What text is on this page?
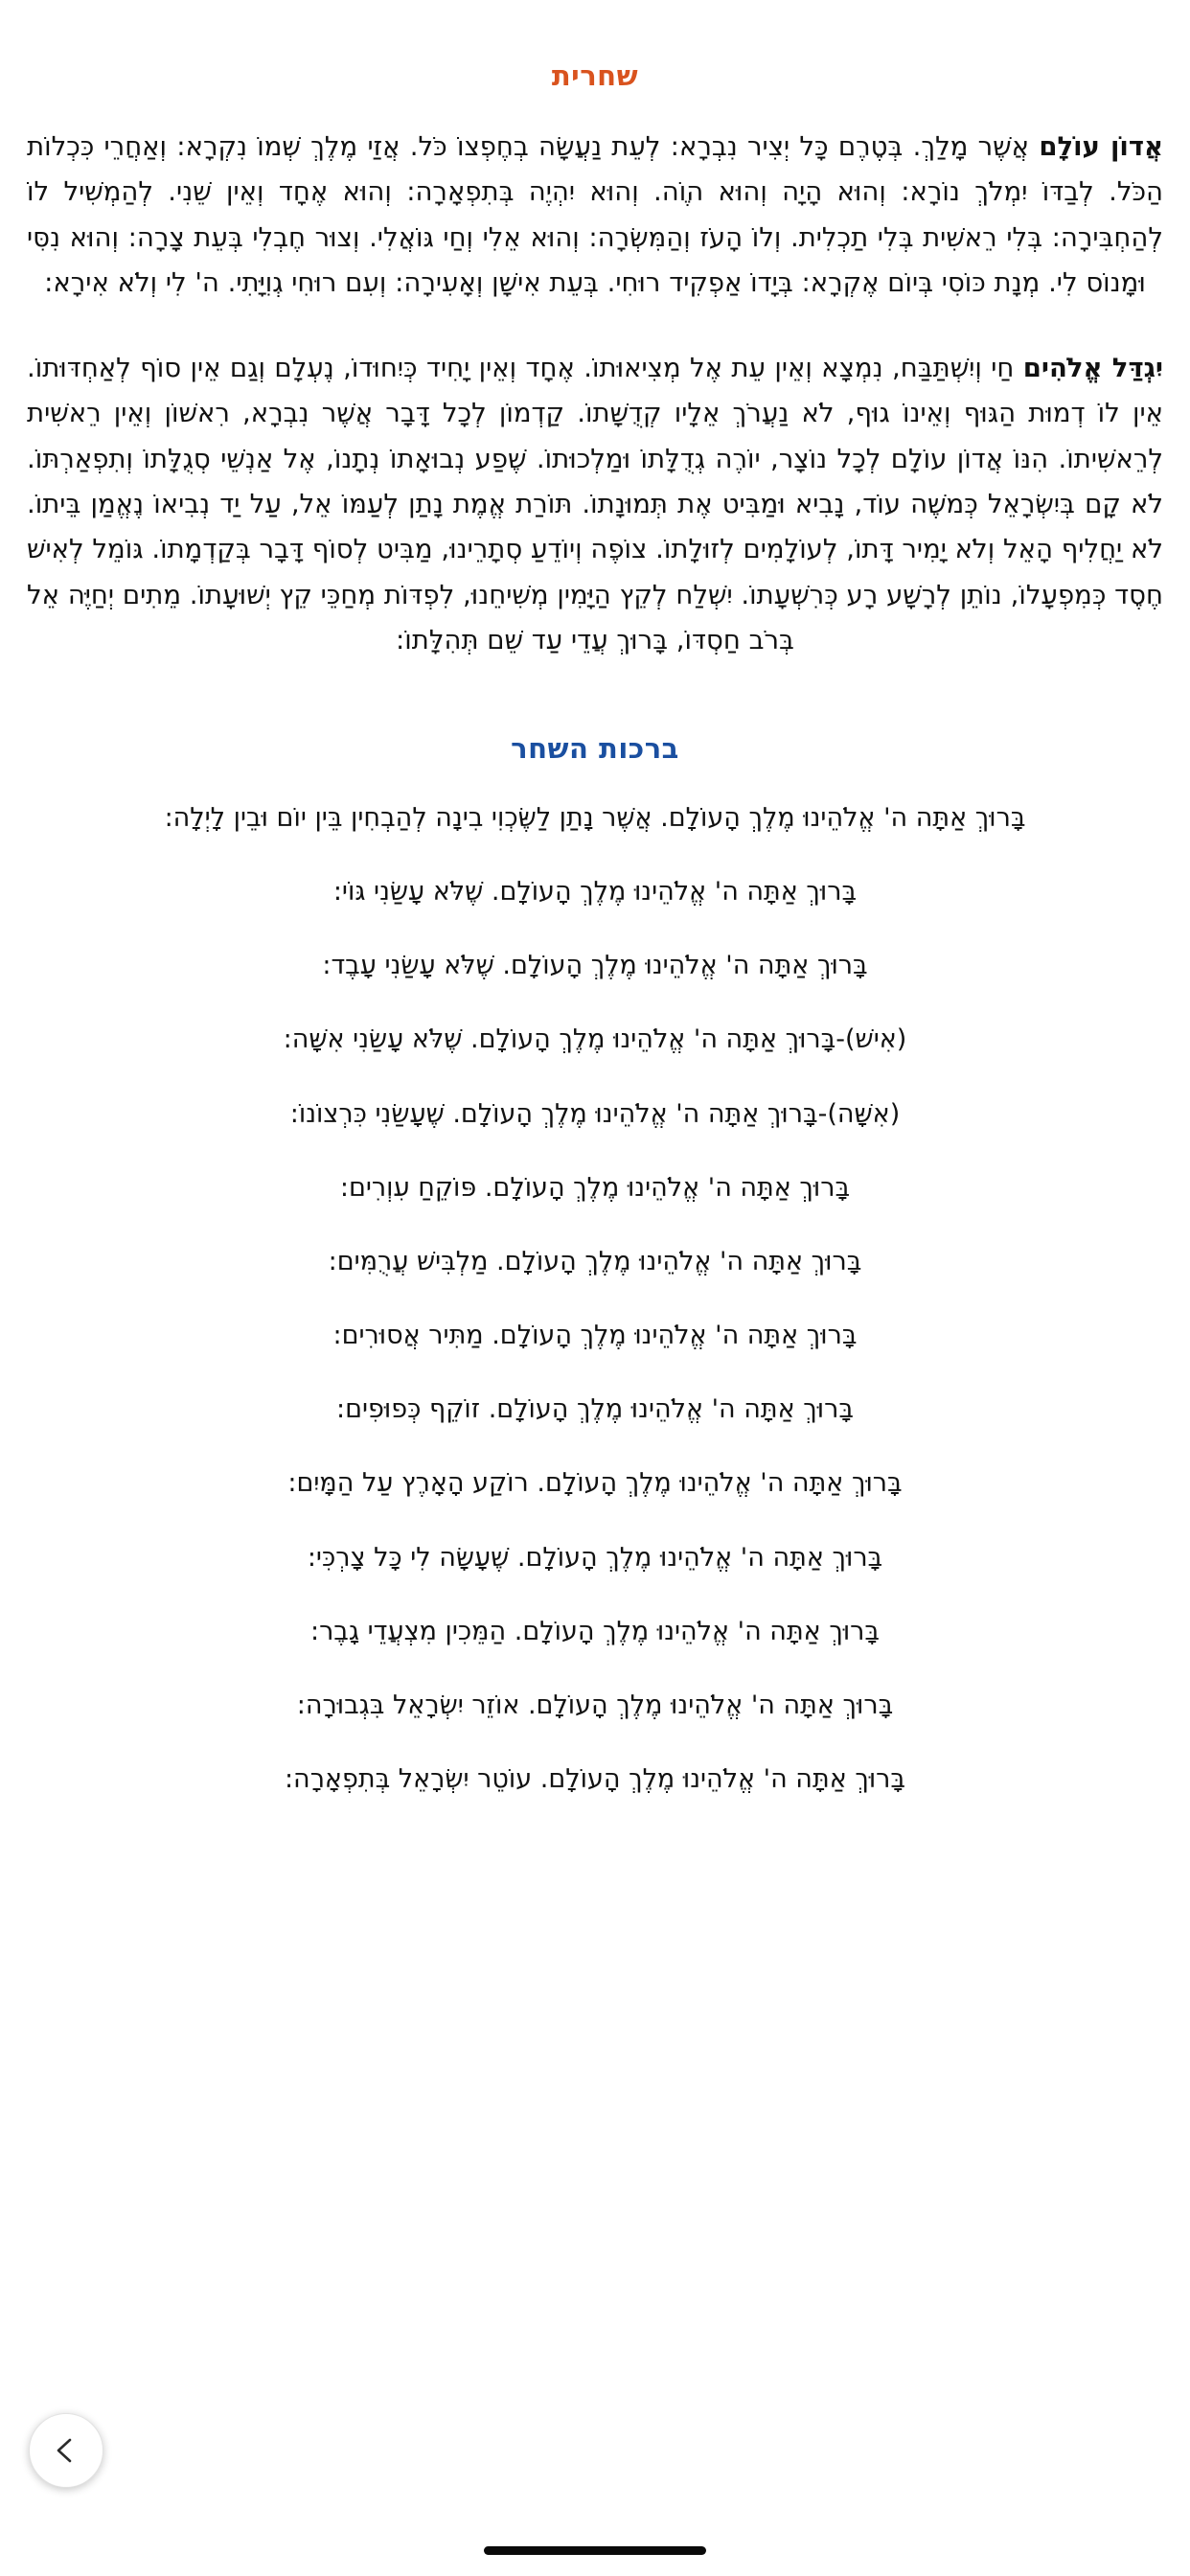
שחרית

אֲדוֹן עוֹלָם אֲשֶׁר מָלַךְ. בְּטֶרֶם כָּל יְצִיר נִבְרָא: לְעֵת נַעֲשָׂה בְחֶפְצוֹ כֹּל. אֲזַי מֶלֶךְ שְׁמוֹ נִקְרָא: וְאַחֲרֵי כִּכְלוֹת הַכֹּל. לְבַדּוֹ יִמְלֹךְ נוֹרָא: וְהוּא הָיָה וְהוּא הוֶֹה. וְהוּא יִהְיֶה בְּתִפְאָרָה: וְהוּא אֶחָד וְאֵין שֵׁנִי. לְהַמְשִׁיל לוֹ לְהַחְבִּירָה: בְּלִי רֵאשִׁית בְּלִי תַכְלִית. וְלוֹ הָעֹז וְהַמִּשְׂרָה: וְהוּא אֵלִי וְחַי גּוֹאֲלִי. וְצוּר חֶבְלִי בְּעֵת צָרָה: וְהוּא נִסִּי וּמָנוֹס לִי. מְנָת כּוֹסִי בְּיוֹם אֶקְרָא: בְּיָדוֹ אַפְקִיד רוּחִי. בְּעֵת אִישָׁן וְאָעִירָה: וְעִם רוּחִי גְוִיָּתִי. ה' לִי וְלֹא אִירָא:

יִגְדַּל אֱלֹהִים חַי וְיִשְׁתַּבַּח, נִמְצָא וְאֵין עֵת אֶל מְצִיאוּתוֹ. אֶחָד וְאֵין יָחִיד כְּיִחוּדוֹ, נֶעְלָם וְגַם אֵין סוֹף לְאַחְדּוּתוֹ. אֵין לוֹ דְמוּת הַגּוּף וְאֵינוֹ גוּף, לֹא נַעֲרֹךְ אֵלָיו קְדֻשָּׁתוֹ. קַדְמוֹן לְכָל דָּבָר אֲשֶׁר נִבְרָא, רִאשׁוֹן וְאֵין רֵאשִׁית לְרֵאשִׁיתוֹ. הִנּוֹ אֲדוֹן עוֹלָם לְכָל נוֹצָר, יוֹרֶה גְדֻלָּתוֹ וּמַלְכוּתוֹ. שֶׁפַע נְבוּאָתוֹ נְתָנוֹ, אֶל אַנְשֵׁי סְגֻלָּתוֹ וְתִפְאַרְתּוֹ. לֹא קָם בְּיִשְׂרָאֵל כְּמשֶׁה עוֹד, נָבִיא וּמַבִּיט אֶת תְּמוּנָתוֹ. תּוֹרַת אֱמֶת נָתַן לְעַמּוֹ אֵל, עַל יַד נְבִיאוֹ נֶאֱמַן בֵּיתוֹ. לֹא יַחֲלִיף הָאֵל וְלֹא יָמִיר דָּתוֹ, לְעוֹלָמִים לְזוּלָתוֹ. צוֹפֶה וְיוֹדֵעַ סְתָרֵינוּ, מַבִּיט לְסוֹף דָּבָר בְּקַדְמָתוֹ. גּוֹמֵל לְאִישׁ חֶסֶד כְּמִפְעָלוֹ, נוֹתֵן לְרָשָׁע רָע כְּרִשְׁעָתוֹ. יִשְׁלַח לְקֵץ הַיָּמִין מְשִׁיחֵנוּ, לִפְדּוֹת מְחַכֵּי קֵץ יְשׁוּעָתוֹ. מֵתִים יְחַיֶּה אֵל בְּרֹב חַסְדּוֹ, בָּרוּךְ עֲדֵי עַד שֵׁם תְּהִלָּתוֹ:

ברכות השחר

בָּרוּךְ אַתָּה ה' אֱלֹהֵינוּ מֶלֶךְ הָעוֹלָם. אֲשֶׁר נָתַן לַשֶּׂכְוִי בִינָה לְהַבְחִין בֵּין יוֹם וּבֵין לָיְלָה:

בָּרוּךְ אַתָּה ה' אֱלֹהֵינוּ מֶלֶךְ הָעוֹלָם. שֶׁלֹּא עָשַׂנִי גּוֹי:

בָּרוּךְ אַתָּה ה' אֱלֹהֵינוּ מֶלֶךְ הָעוֹלָם. שֶׁלֹּא עָשַׂנִי עָבֶד:

(אִישׁ)-בָּרוּךְ אַתָּה ה' אֱלֹהֵינוּ מֶלֶךְ הָעוֹלָם. שֶׁלֹּא עָשַׂנִי אִשָּׁה:

(אִשָּׁה)-בָּרוּךְ אַתָּה ה' אֱלֹהֵינוּ מֶלֶךְ הָעוֹלָם. שֶׁעָשַׂנִי כִּרְצוֹנוֹ:

בָּרוּךְ אַתָּה ה' אֱלֹהֵינוּ מֶלֶךְ הָעוֹלָם. פּוֹקֵחַ עִוְרִים:

בָּרוּךְ אַתָּה ה' אֱלֹהֵינוּ מֶלֶךְ הָעוֹלָם. מַלְבִּישׁ עֲרֻמִּים:

בָּרוּךְ אַתָּה ה' אֱלֹהֵינוּ מֶלֶךְ הָעוֹלָם. מַתִּיר אֲסוּרִים:

בָּרוּךְ אַתָּה ה' אֱלֹהֵינוּ מֶלֶךְ הָעוֹלָם. זוֹקֵף כְּפוּפִים:

בָּרוּךְ אַתָּה ה' אֱלֹהֵינוּ מֶלֶךְ הָעוֹלָם. רוֹקַע הָאָרֶץ עַל הַמָּיִם:

בָּרוּךְ אַתָּה ה' אֱלֹהֵינוּ מֶלֶךְ הָעוֹלָם. שֶׁעָשָׂה לִי כָּל צָרְכִּי:

בָּרוּךְ אַתָּה ה' אֱלֹהֵינוּ מֶלֶךְ הָעוֹלָם. הַמֵּכִין מִצְעֲדֵי גָבֶר:

בָּרוּךְ אַתָּה ה' אֱלֹהֵינוּ מֶלֶךְ הָעוֹלָם. אוֹזֵר יִשְׂרָאֵל בִּגְבוּרָה:

בָּרוּךְ אַתָּה ה' אֱלֹהֵינוּ מֶלֶךְ הָעוֹלָם. עוֹטֵר יִשְׂרָאֵל בְּתִפְאָרָה:
